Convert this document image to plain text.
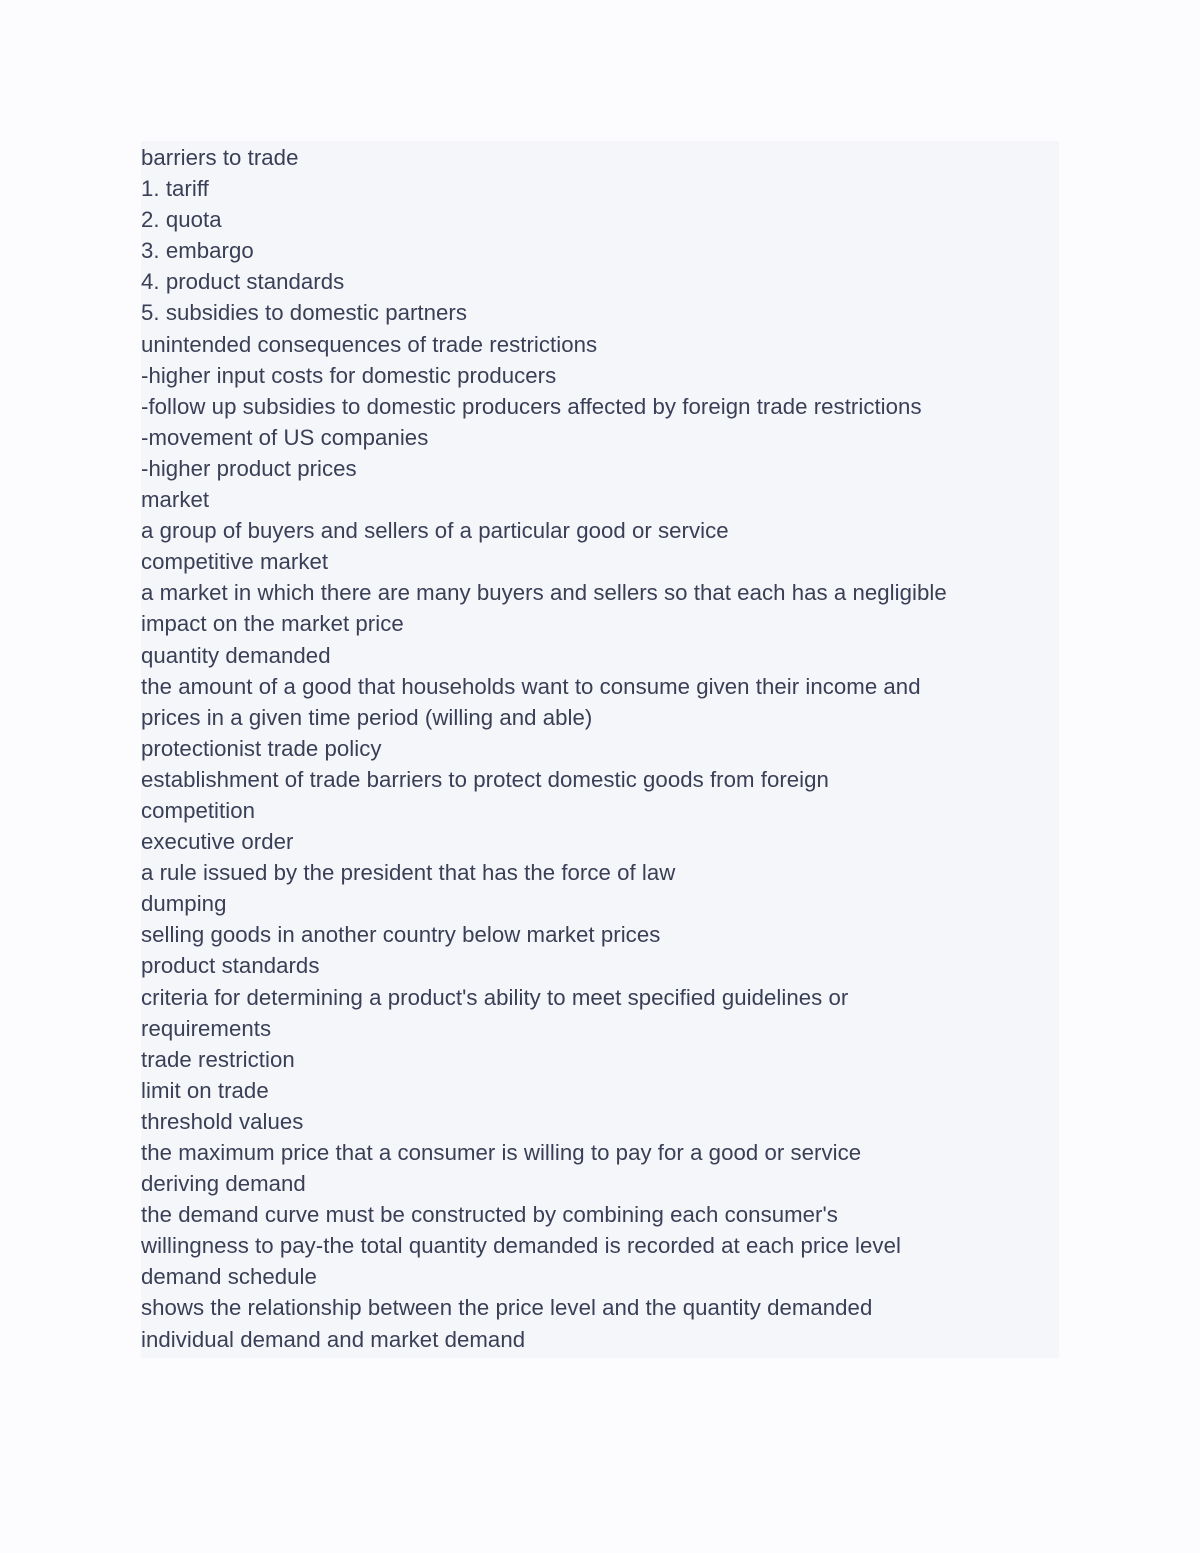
barriers to trade
1. tariff
2. quota
3. embargo
4. product standards
5. subsidies to domestic partners
unintended consequences of trade restrictions
-higher input costs for domestic producers
-follow up subsidies to domestic producers affected by foreign trade restrictions
-movement of US companies
-higher product prices
market
a group of buyers and sellers of a particular good or service
competitive market
a market in which there are many buyers and sellers so that each has a negligible
impact on the market price
quantity demanded
the amount of a good that households want to consume given their income and
prices in a given time period (willing and able)
protectionist trade policy
establishment of trade barriers to protect domestic goods from foreign
competition
executive order
a rule issued by the president that has the force of law
dumping
selling goods in another country below market prices
product standards
criteria for determining a product's ability to meet specified guidelines or
requirements
trade restriction
limit on trade
threshold values
the maximum price that a consumer is willing to pay for a good or service
deriving demand
the demand curve must be constructed by combining each consumer's
willingness to pay-the total quantity demanded is recorded at each price level
demand schedule
shows the relationship between the price level and the quantity demanded
individual demand and market demand
